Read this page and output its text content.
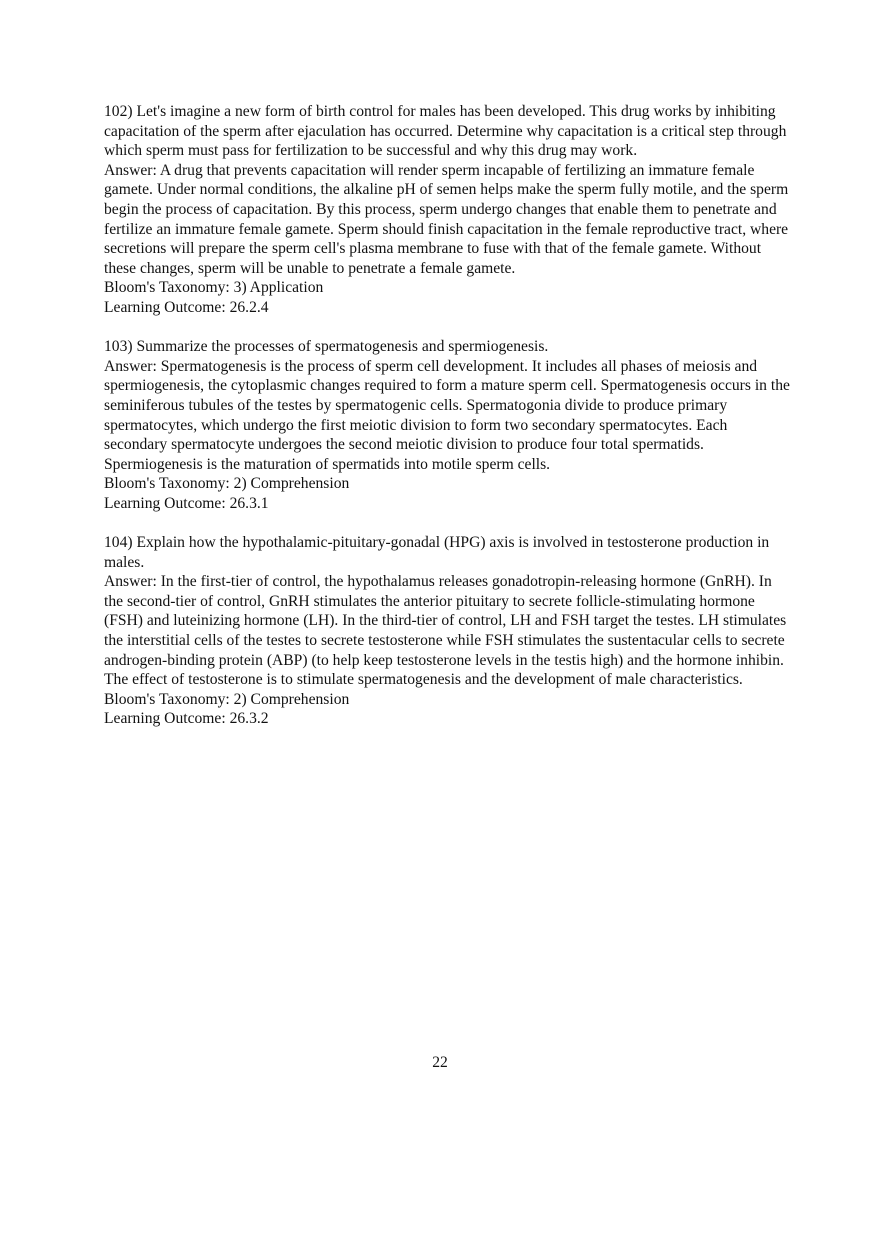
102) Let's imagine a new form of birth control for males has been developed. This drug works by inhibiting capacitation of the sperm after ejaculation has occurred. Determine why capacitation is a critical step through which sperm must pass for fertilization to be successful and why this drug may work.

Answer: A drug that prevents capacitation will render sperm incapable of fertilizing an immature female gamete. Under normal conditions, the alkaline pH of semen helps make the sperm fully motile, and the sperm begin the process of capacitation. By this process, sperm undergo changes that enable them to penetrate and fertilize an immature female gamete. Sperm should finish capacitation in the female reproductive tract, where secretions will prepare the sperm cell's plasma membrane to fuse with that of the female gamete. Without these changes, sperm will be unable to penetrate a female gamete.

Bloom's Taxonomy: 3) Application

Learning Outcome: 26.2.4

103) Summarize the processes of spermatogenesis and spermiogenesis.

Answer: Spermatogenesis is the process of sperm cell development. It includes all phases of meiosis and spermiogenesis, the cytoplasmic changes required to form a mature sperm cell. Spermatogenesis occurs in the seminiferous tubules of the testes by spermatogenic cells. Spermatogonia divide to produce primary spermatocytes, which undergo the first meiotic division to form two secondary spermatocytes. Each secondary spermatocyte undergoes the second meiotic division to produce four total spermatids. Spermiogenesis is the maturation of spermatids into motile sperm cells.

Bloom's Taxonomy: 2) Comprehension

Learning Outcome: 26.3.1

104) Explain how the hypothalamic-pituitary-gonadal (HPG) axis is involved in testosterone production in males.

Answer: In the first-tier of control, the hypothalamus releases gonadotropin-releasing hormone (GnRH). In the second-tier of control, GnRH stimulates the anterior pituitary to secrete follicle-stimulating hormone (FSH) and luteinizing hormone (LH). In the third-tier of control, LH and FSH target the testes. LH stimulates the interstitial cells of the testes to secrete testosterone while FSH stimulates the sustentacular cells to secrete androgen-binding protein (ABP) (to help keep testosterone levels in the testis high) and the hormone inhibin. The effect of testosterone is to stimulate spermatogenesis and the development of male characteristics.

Bloom's Taxonomy: 2) Comprehension

Learning Outcome: 26.3.2

22
